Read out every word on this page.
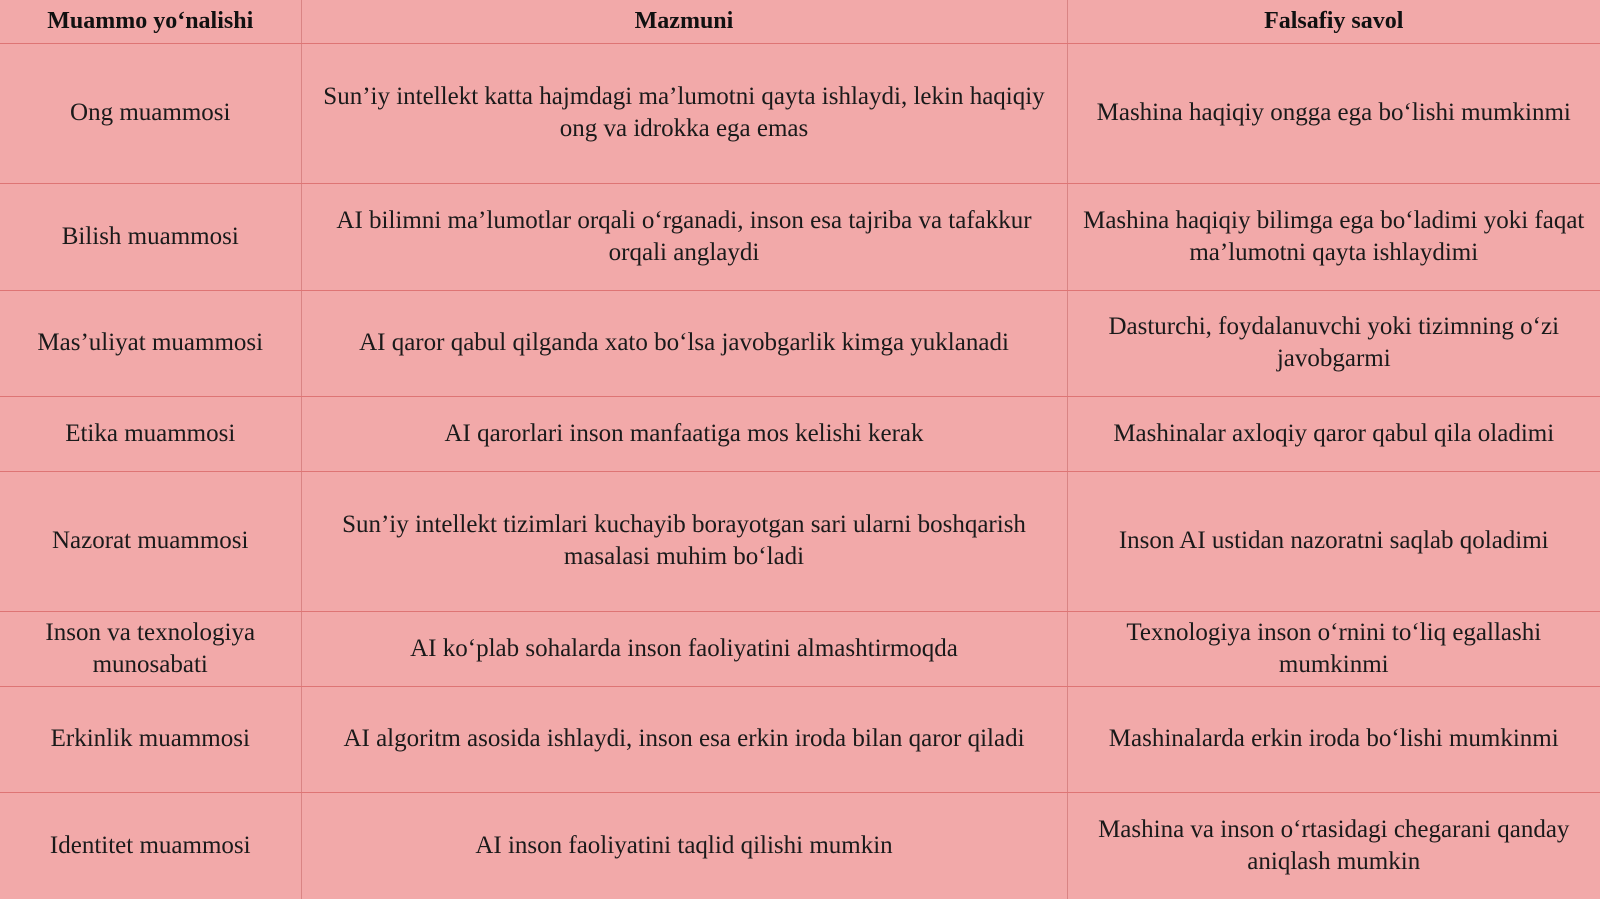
Muammo yo‘nalishi	Mazmuni	Falsafiy savol
Ong muammosi	Sun’iy intellekt katta hajmdagi ma’lumotni qayta ishlaydi, lekin haqiqiy ong va idrokka ega emas	Mashina haqiqiy ongga ega bo‘lishi mumkinmi
Bilish muammosi	AI bilimni ma’lumotlar orqali o‘rganadi, inson esa tajriba va tafakkur orqali anglaydi	Mashina haqiqiy bilimga ega bo‘ladimi yoki faqat ma’lumotni qayta ishlaydimi
Mas’uliyat muammosi	AI qaror qabul qilganda xato bo‘lsa javobgarlik kimga yuklanadi	Dasturchi, foydalanuvchi yoki tizimning o‘zi javobgarmi
Etika muammosi	AI qarorlari inson manfaatiga mos kelishi kerak	Mashinalar axloqiy qaror qabul qila oladimi
Nazorat muammosi	Sun’iy intellekt tizimlari kuchayib borayotgan sari ularni boshqarish masalasi muhim bo‘ladi	Inson AI ustidan nazoratni saqlab qoladimi
Inson va texnologiya munosabati	AI ko‘plab sohalarda inson faoliyatini almashtirmoqda	Texnologiya inson o‘rnini to‘liq egallashi mumkinmi
Erkinlik muammosi	AI algoritm asosida ishlaydi, inson esa erkin iroda bilan qaror qiladi	Mashinalarda erkin iroda bo‘lishi mumkinmi
Identitet muammosi	AI inson faoliyatini taqlid qilishi mumkin	Mashina va inson o‘rtasidagi chegarani qanday aniqlash mumkin
